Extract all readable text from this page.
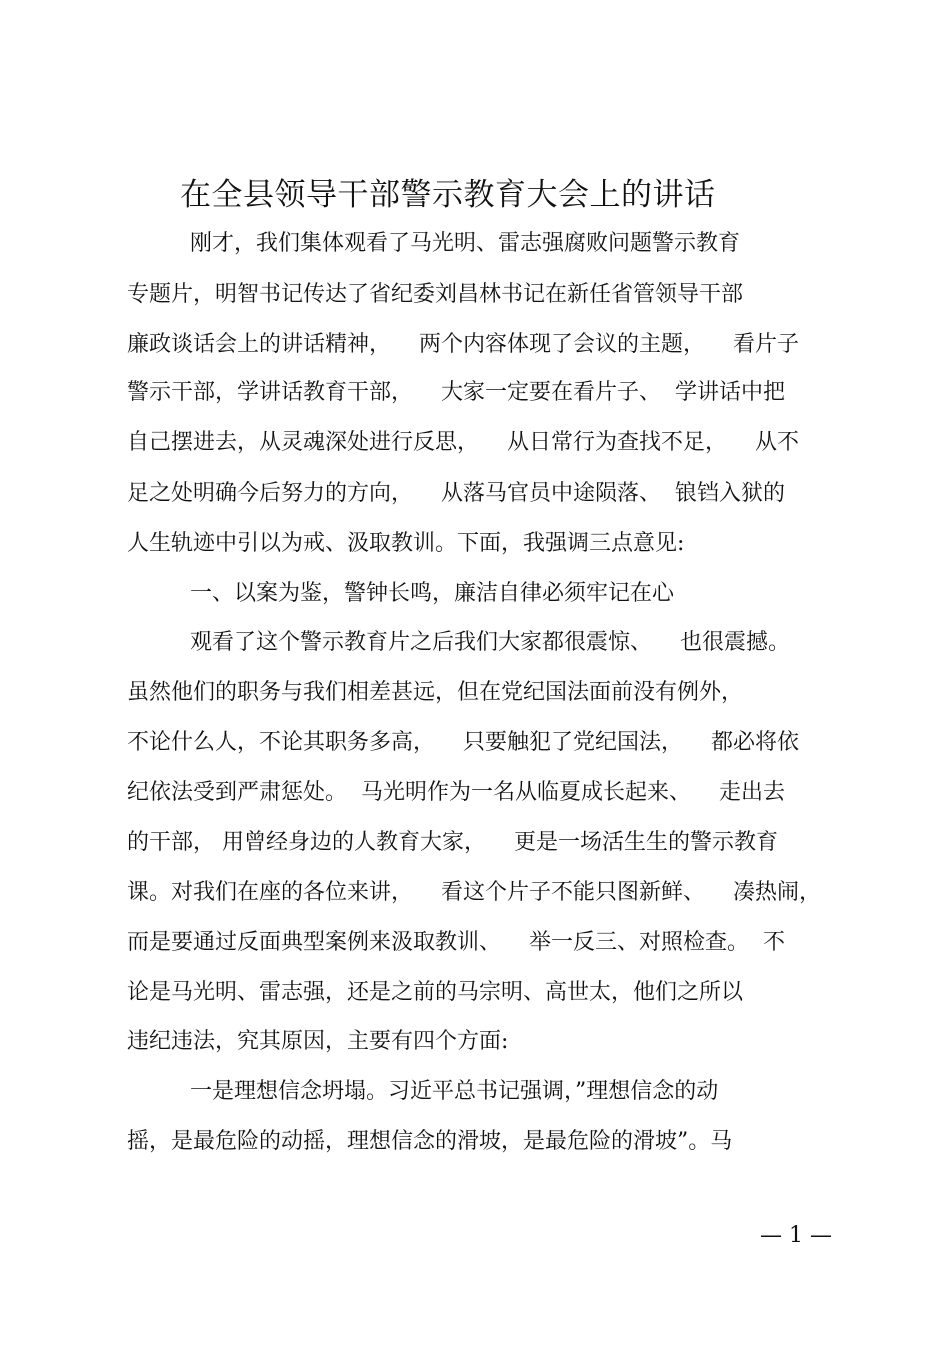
在全县领导干部警示教育大会上的讲话
刚才，我们集体观看了马光明、雷志强腐败问题警示教育
专题片，明智书记传达了省纪委刘昌林书记在新任省管领导干部
廉政谈话会上的讲话精神，    两个内容体现了会议的主题，    看片子
警示干部，学讲话教育干部，    大家一定要在看片子、  学讲话中把
自己摆进去，从灵魂深处进行反思，    从日常行为查找不足，    从不
足之处明确今后努力的方向，    从落马官员中途陨落、  锒铛入狱的
人生轨迹中引以为戒、汲取教训。下面，我强调三点意见:
一、以案为鉴，警钟长鸣，廉洁自律必须牢记在心
观看了这个警示教育片之后我们大家都很震惊、    也很震撼。
虽然他们的职务与我们相差甚远，但在党纪国法面前没有例外，
不论什么人，不论其职务多高，    只要触犯了党纪国法，    都必将依
纪依法受到严肃惩处。  马光明作为一名从临夏成长起来、    走出去
的干部， 用曾经身边的人教育大家，    更是一场活生生的警示教育
课。对我们在座的各位来讲，    看这个片子不能只图新鲜、    凑热闹，
而是要通过反面典型案例来汲取教训、    举一反三、对照检查。  不
论是马光明、雷志强，还是之前的马宗明、高世太，他们之所以
违纪违法，究其原因，主要有四个方面:
一是理想信念坍塌。习近平总书记强调，”理想信念的动
摇，是最危险的动摇，理想信念的滑坡，是最危险的滑坡”。马
— 1 —
